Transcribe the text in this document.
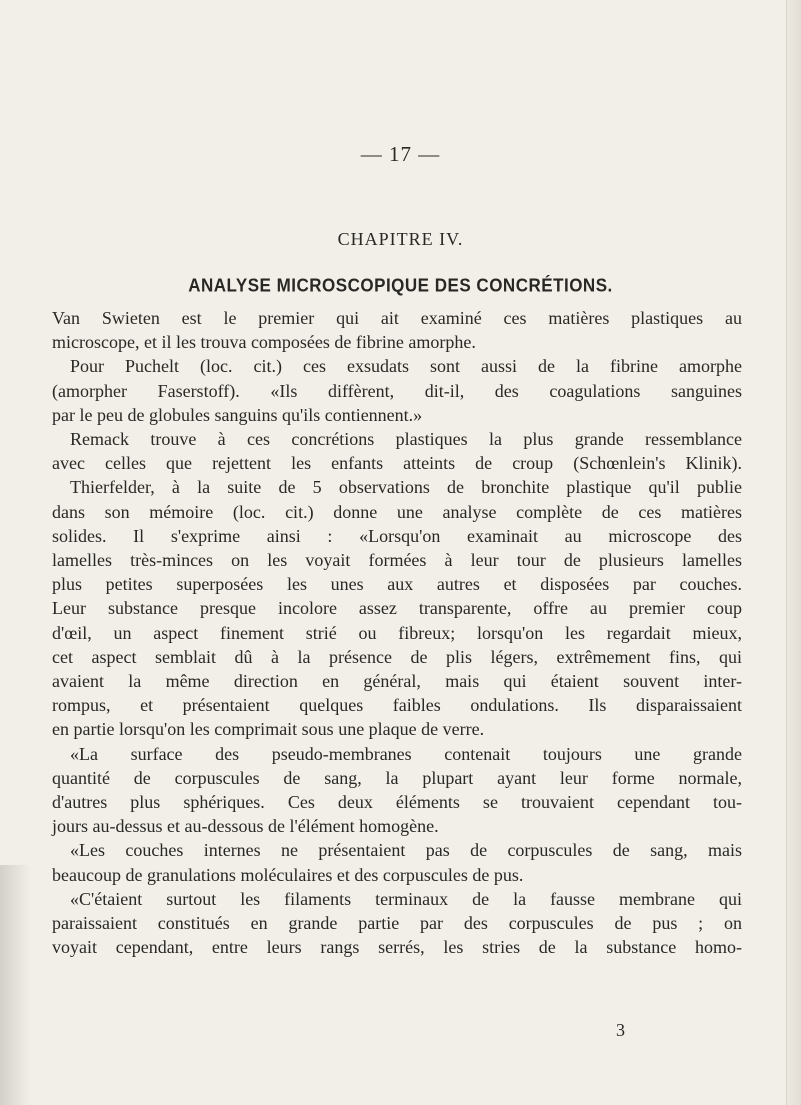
— 17 —
CHAPITRE IV.
ANALYSE MICROSCOPIQUE DES CONCRÉTIONS.

Van Swieten est le premier qui ait examiné ces matières plastiques au

microscope, et il les trouva composées de fibrine amorphe.

Pour Puchelt (loc. cit.) ces exsudats sont aussi de la fibrine amorphe

(amorpher Faserstoff). «Ils diffèrent, dit-il, des coagulations sanguines

par le peu de globules sanguins qu'ils contiennent.»

Remack trouve à ces concrétions plastiques la plus grande ressemblance

avec celles que rejettent les enfants atteints de croup (Schœnlein's Klinik).

Thierfelder, à la suite de 5 observations de bronchite plastique qu'il publie

dans son mémoire (loc. cit.) donne une analyse complète de ces matières

solides. Il s'exprime ainsi : «Lorsqu'on examinait au microscope des

lamelles très-minces on les voyait formées à leur tour de plusieurs lamelles

plus petites superposées les unes aux autres et disposées par couches.

Leur substance presque incolore assez transparente, offre au premier coup

d'œil, un aspect finement strié ou fibreux; lorsqu'on les regardait mieux,

cet aspect semblait dû à la présence de plis légers, extrêmement fins, qui

avaient la même direction en général, mais qui étaient souvent inter-

rompus, et présentaient quelques faibles ondulations. Ils disparaissaient

en partie lorsqu'on les comprimait sous une plaque de verre.

«La surface des pseudo-membranes contenait toujours une grande

quantité de corpuscules de sang, la plupart ayant leur forme normale,

d'autres plus sphériques. Ces deux éléments se trouvaient cependant tou-

jours au-dessus et au-dessous de l'élément homogène.

«Les couches internes ne présentaient pas de corpuscules de sang, mais

beaucoup de granulations moléculaires et des corpuscules de pus.

«C'étaient surtout les filaments terminaux de la fausse membrane qui

paraissaient constitués en grande partie par des corpuscules de pus ; on

voyait cependant, entre leurs rangs serrés, les stries de la substance homo-

3
